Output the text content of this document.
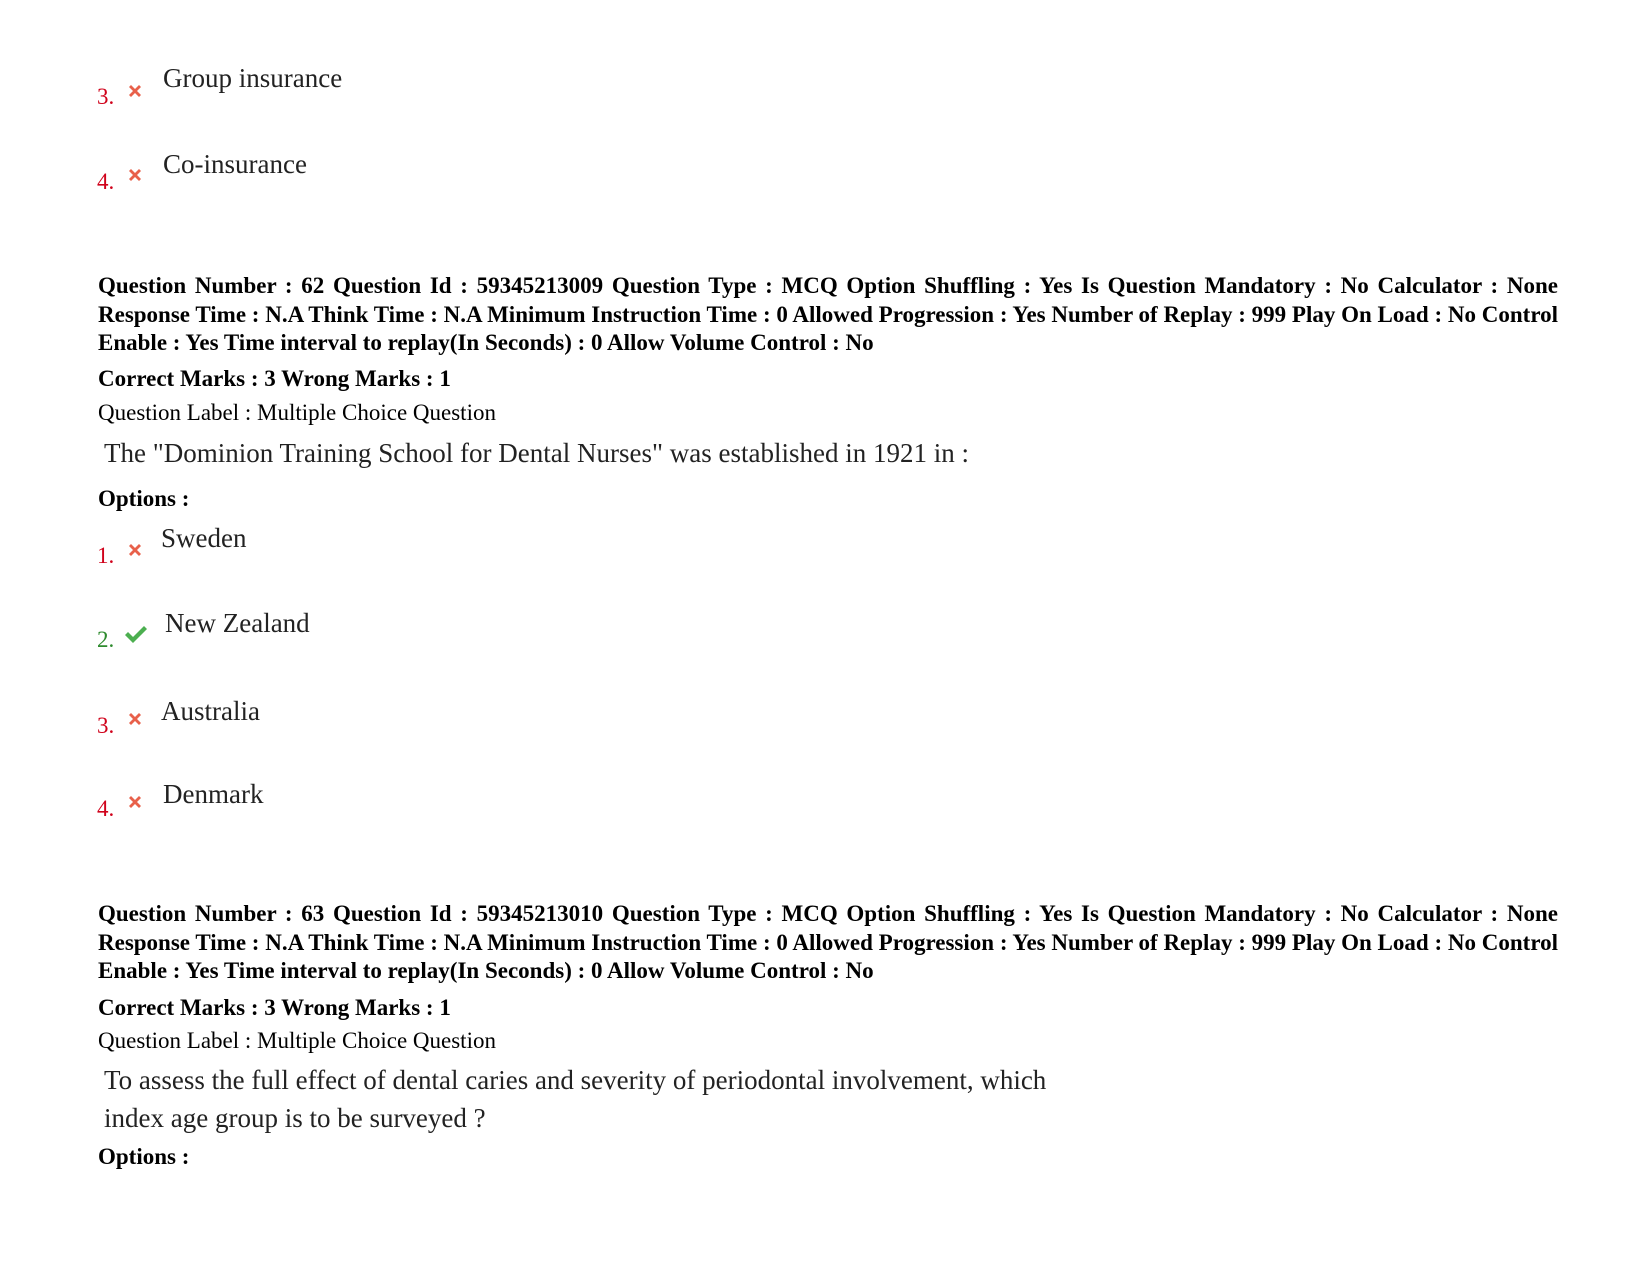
3.
Group insurance
4.
Co-insurance
Question Number : 62 Question Id : 59345213009 Question Type : MCQ Option Shuffling : Yes Is Question Mandatory : No Calculator : None Response Time : N.A Think Time : N.A Minimum Instruction Time : 0 Allowed Progression : Yes Number of Replay : 999 Play On Load : No Control Enable : Yes Time interval to replay(In Seconds) : 0 Allow Volume Control : No
Correct Marks : 3 Wrong Marks : 1
Question Label : Multiple Choice Question
The "Dominion Training School for Dental Nurses" was established in 1921 in :
Options :
1.
Sweden
2.
New Zealand
3. Australia
4. Denmark
Question Number : 63 Question Id : 59345213010 Question Type : MCQ Option Shuffling : Yes Is Question Mandatory : No Calculator : None Response Time : N.A Think Time : N.A Minimum Instruction Time : 0 Allowed Progression : Yes Number of Replay : 999 Play On Load : No Control Enable : Yes Time interval to replay(In Seconds) : 0 Allow Volume Control : No
Correct Marks : 3 Wrong Marks : 1
Question Label : Multiple Choice Question
To assess the full effect of dental caries and severity of periodontal involvement, which
index age group is to be surveyed ?
Options :
